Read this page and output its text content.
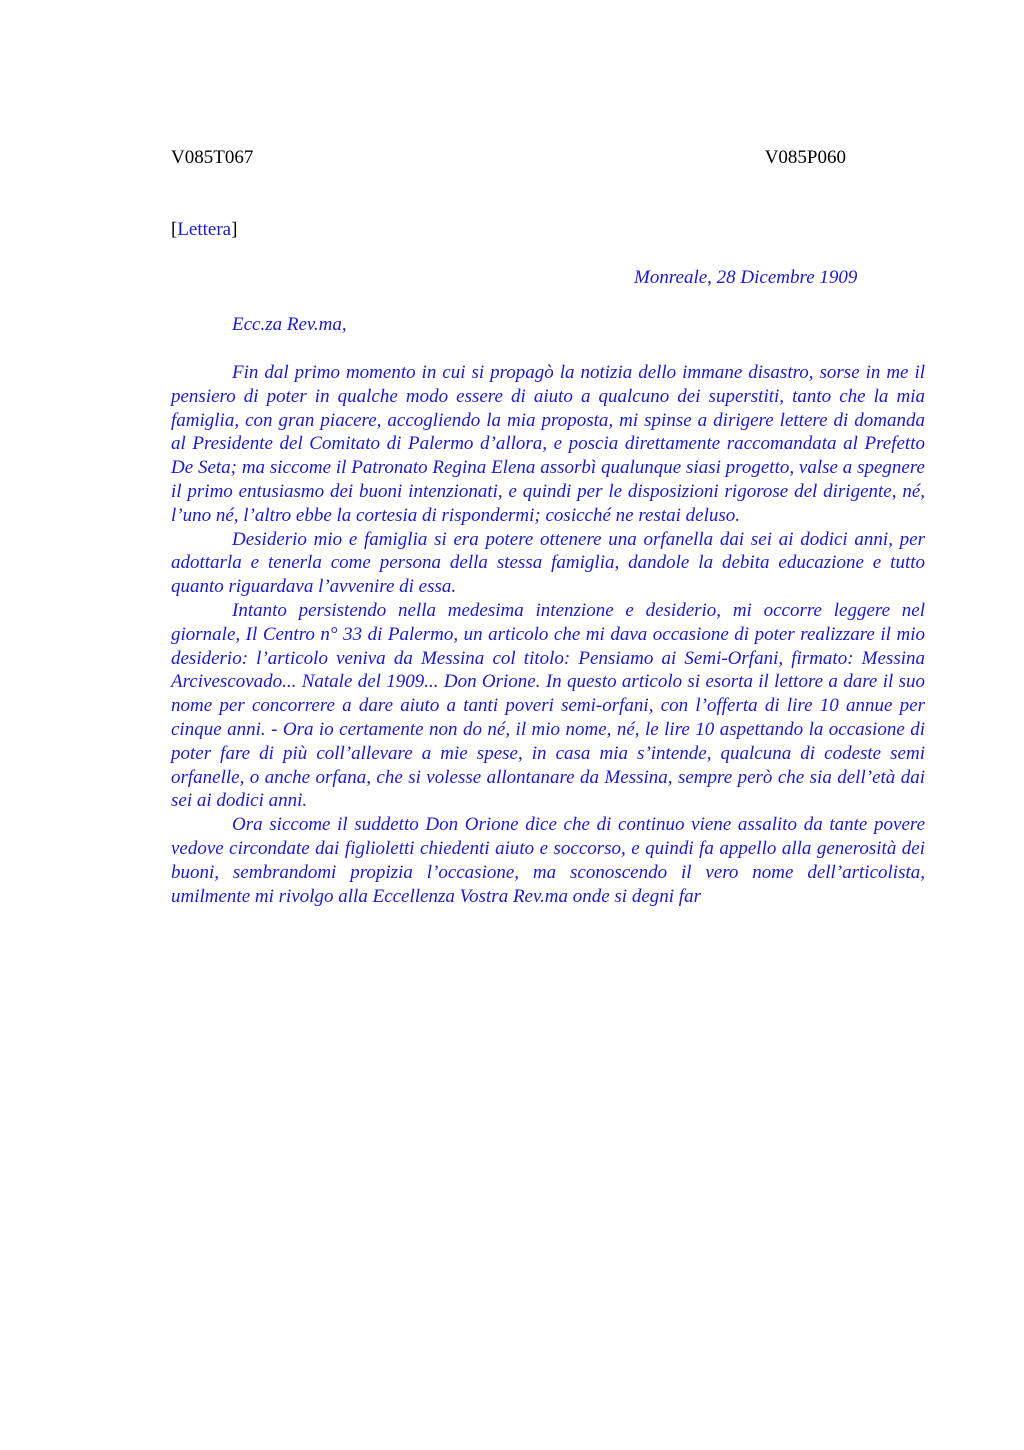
V085T067	V085P060
[Lettera]
Monreale, 28 Dicembre 1909
Ecc.za Rev.ma,

Fin dal primo momento in cui si propagò la notizia dello immane disastro, sorse in me il pensiero di poter in qualche modo essere di aiuto a qualcuno dei superstiti, tanto che la mia famiglia, con gran piacere, accogliendo la mia proposta, mi spinse a dirigere lettere di domanda al Presidente del Comitato di Palermo d’allora, e poscia direttamente raccomandata al Prefetto De Seta; ma siccome il Patronato Regina Elena assorbì qualunque siasi progetto, valse a spegnere il primo entusiasmo dei buoni intenzionati, e quindi per le disposizioni rigorose del dirigente, né, l’uno né, l’altro ebbe la cortesia di rispondermi; cosicché ne restai deluso.

Desiderio mio e famiglia si era potere ottenere una orfanella dai sei ai dodici anni, per adottarla e tenerla come persona della stessa famiglia, dandole la debita educazione e tutto quanto riguardava l’avvenire di essa.

Intanto persistendo nella medesima intenzione e desiderio, mi occorre leggere nel giornale, Il Centro n° 33 di Palermo, un articolo che mi dava occasione di poter realizzare il mio desiderio: l’articolo veniva da Messina col titolo: Pensiamo ai Semi-Orfani, firmato: Messina Arcivescovado... Natale del 1909... Don Orione. In questo articolo si esorta il lettore a dare il suo nome per concorrere a dare aiuto a tanti poveri semi-orfani, con l’offerta di lire 10 annue per cinque anni. - Ora io certamente non do né, il mio nome, né, le lire 10 aspettando la occasione di poter fare di più coll’allevare a mie spese, in casa mia s’intende, qualcuna di codeste semi orfanelle, o anche orfana, che si volesse allontanare da Messina, sempre però che sia dell’età dai sei ai dodici anni.

Ora siccome il suddetto Don Orione dice che di continuo viene assalito da tante povere vedove circondate dai figlioletti chiedenti aiuto e soccorso, e quindi fa appello alla generosità dei buoni, sembrandomi propizia l’occasione, ma sconoscendo il vero nome dell’articolista, umilmente mi rivolgo alla Eccellenza Vostra Rev.ma onde si degni far
